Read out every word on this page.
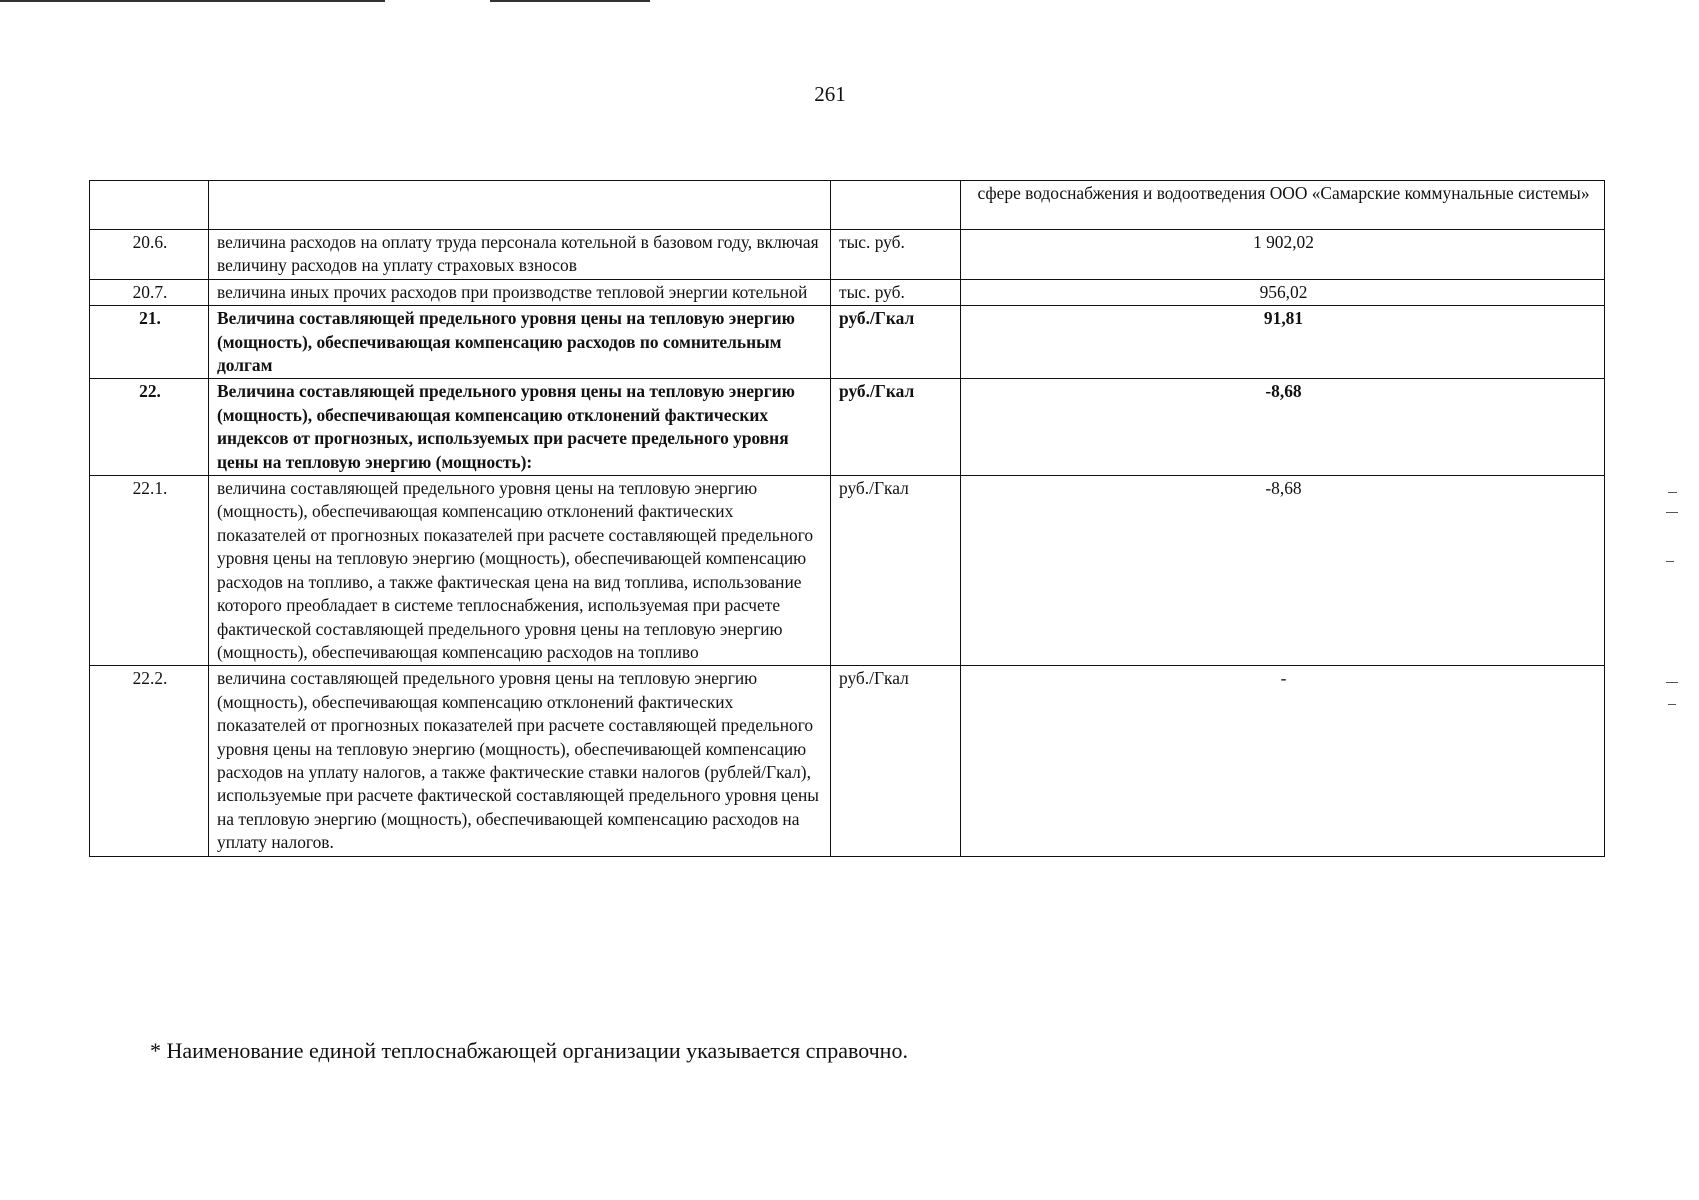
261
			сфере водоснабжения и водоотведения ООО «Самарские коммунальные системы»
20.6.	величина расходов на оплату труда персонала котельной в базовом году, включая величину расходов на уплату страховых взносов	тыс. руб.	1 902,02
20.7.	величина иных прочих расходов при производстве тепловой энергии котельной	тыс. руб.	956,02
21.	Величина составляющей предельного уровня цены на тепловую энергию (мощность), обеспечивающая компенсацию расходов по сомнительным долгам	руб./Гкал	91,81
22.	Величина составляющей предельного уровня цены на тепловую энергию (мощность), обеспечивающая компенсацию отклонений фактических индексов от прогнозных, используемых при расчете предельного уровня цены на тепловую энергию (мощность):	руб./Гкал	-8,68
22.1.	величина составляющей предельного уровня цены на тепловую энергию (мощность), обеспечивающая компенсацию отклонений фактических показателей от прогнозных показателей при расчете составляющей предельного уровня цены на тепловую энергию (мощность), обеспечивающей компенсацию расходов на топливо, а также фактическая цена на вид топлива, использование которого преобладает в системе теплоснабжения, используемая при расчете фактической составляющей предельного уровня цены на тепловую энергию (мощность), обеспечивающая компенсацию расходов на топливо	руб./Гкал	-8,68
22.2.	величина составляющей предельного уровня цены на тепловую энергию (мощность), обеспечивающая компенсацию отклонений фактических показателей от прогнозных показателей при расчете составляющей предельного уровня цены на тепловую энергию (мощность), обеспечивающей компенсацию расходов на уплату налогов, а также фактические ставки налогов (рублей/Гкал), используемые при расчете фактической составляющей предельного уровня цены на тепловую энергию (мощность), обеспечивающей компенсацию расходов на уплату налогов.	руб./Гкал	-
* Наименование единой теплоснабжающей организации указывается справочно.
